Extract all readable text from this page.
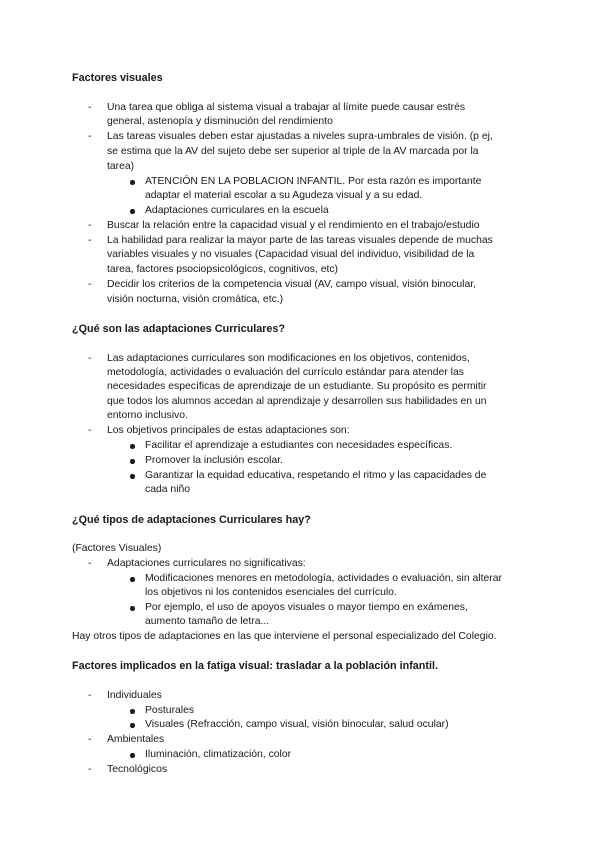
Factores visuales

- Una tarea que obliga al sistema visual a trabajar al límite puede causar estrés

general, astenopía y disminución del rendimiento

- Las tareas visuales deben estar ajustadas a niveles supra-umbrales de visión. (p ej,

se estima que la AV del sujeto debe ser superior al triple de la AV marcada por la

tarea)

ATENCIÓN EN LA POBLACION INFANTIL. Por esta razón es importante

adaptar el material escolar a su Agudeza visual y a su edad.

Adaptaciones curriculares en la escuela

- Buscar la relación entre la capacidad visual y el rendimiento en el trabajo/estudio

- La habilidad para realizar la mayor parte de las tareas visuales depende de muchas

variables visuales y no visuales (Capacidad visual del individuo, visibilidad de la

tarea, factores psociopsicológicos, cognitivos, etc)

- Decidir los criterios de la competencia visual (AV, campo visual, visión binocular,

visión nocturna, visión cromática, etc.)

¿Qué son las adaptaciones Curriculares?

- Las adaptaciones curriculares son modificaciones en los objetivos, contenidos,

metodología, actividades o evaluación del currículo estándar para atender las

necesidades específicas de aprendizaje de un estudiante. Su propósito es permitir

que todos los alumnos accedan al aprendizaje y desarrollen sus habilidades en un

entorno inclusivo.

- Los objetivos principales de estas adaptaciones son:

Facilitar el aprendizaje a estudiantes con necesidades específicas.

Promover la inclusión escolar.

Garantizar la equidad educativa, respetando el ritmo y las capacidades de

cada niño

¿Qué tipos de adaptaciones Curriculares hay?

(Factores Visuales)

- Adaptaciones curriculares no significativas:

Modificaciones menores en metodología, actividades o evaluación, sin alterar

los objetivos ni los contenidos esenciales del currículo.

Por ejemplo, el uso de apoyos visuales o mayor tiempo en exámenes,

aumento tamaño de letra...

Hay otros tipos de adaptaciones en las que interviene el personal especializado del Colegio.

Factores implicados en la fatiga visual: trasladar a la población infantil.

- Individuales

Posturales

Visuales (Refracción, campo visual, visión binocular, salud ocular)

- Ambientales

Iluminación, climatización, color

- Tecnológicos
